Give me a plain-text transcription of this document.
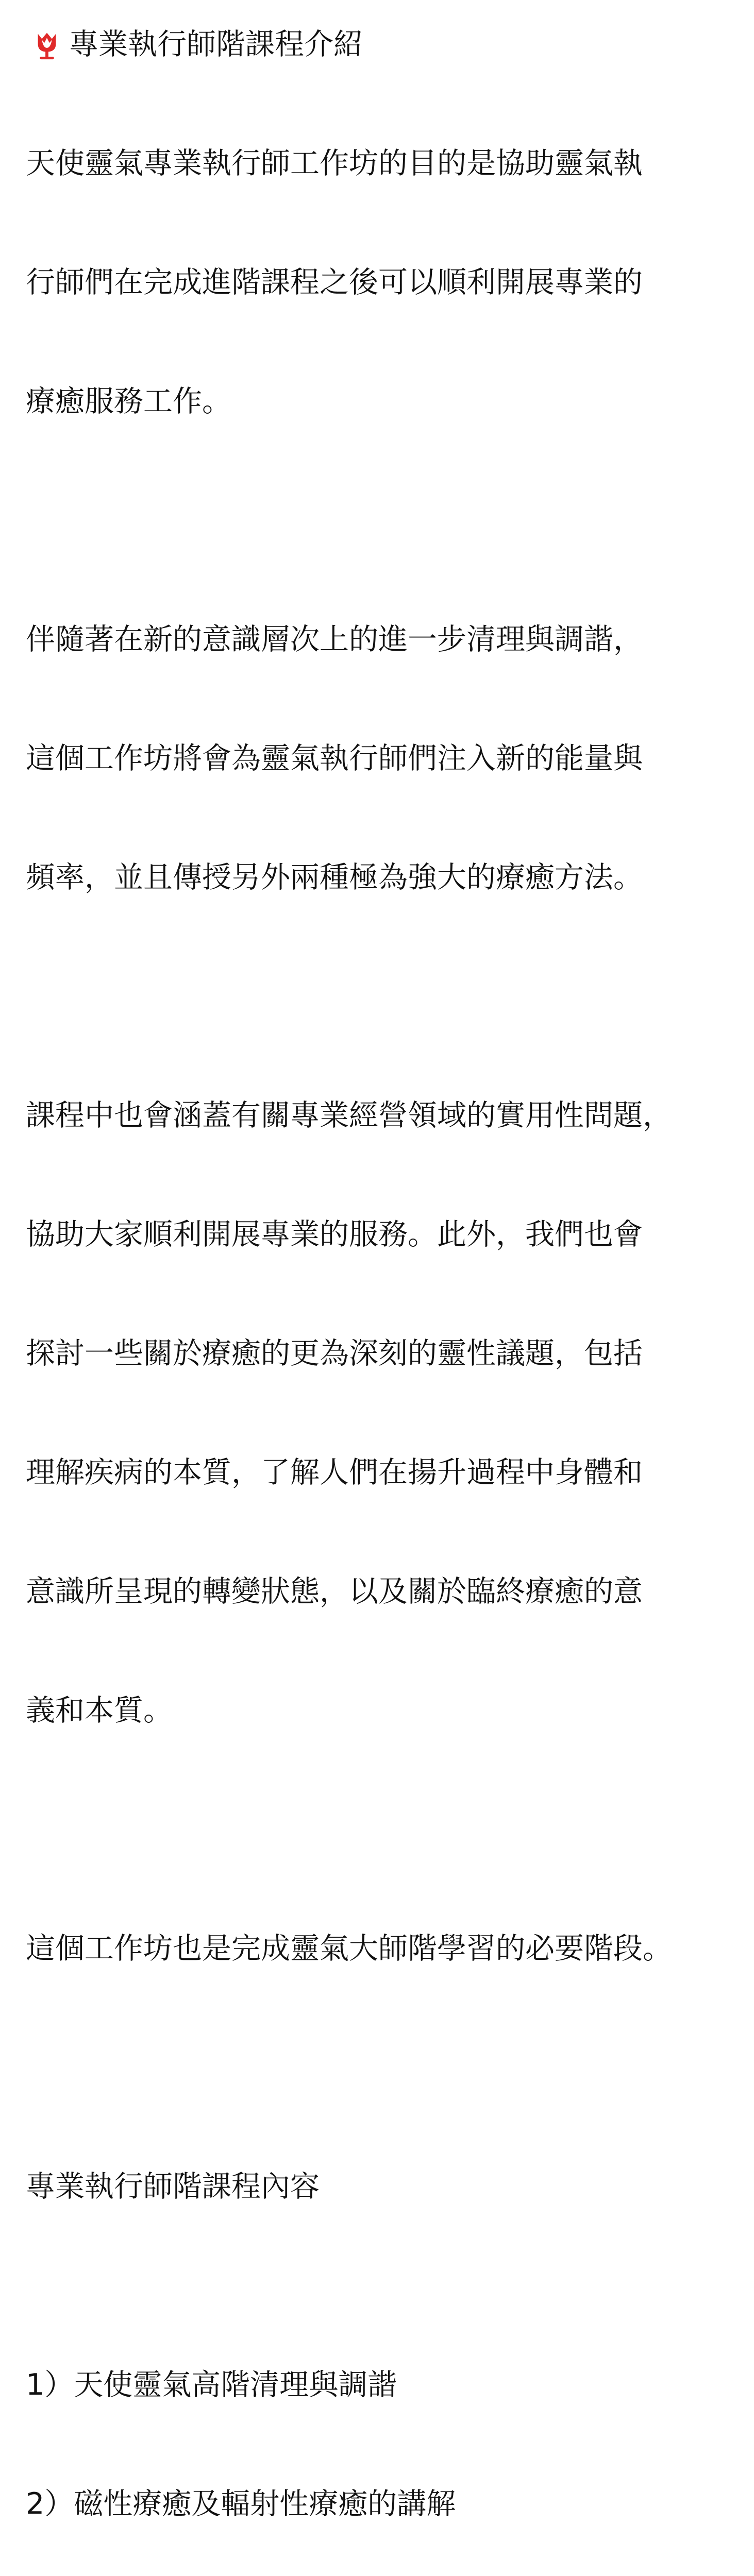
專業執行師階課程介紹

天使靈氣專業執行師工作坊的目的是協助靈氣執

行師們在完成進階課程之後可以順利開展專業的

療癒服務工作。

伴隨著在新的意識層次上的進一步清理與調諧，

這個工作坊將會為靈氣執行師們注入新的能量與

頻率，並且傳授另外兩種極為強大的療癒方法。

課程中也會涵蓋有關專業經營領域的實用性問題，

協助大家順利開展專業的服務。此外，我們也會

探討一些關於療癒的更為深刻的靈性議題，包括

理解疾病的本質，了解人們在揚升過程中身體和

意識所呈現的轉變狀態，以及關於臨終療癒的意

義和本質。

這個工作坊也是完成靈氣大師階學習的必要階段。

專業執行師階課程內容

1）天使靈氣高階清理與調諧

2）磁性療癒及輻射性療癒的講解
